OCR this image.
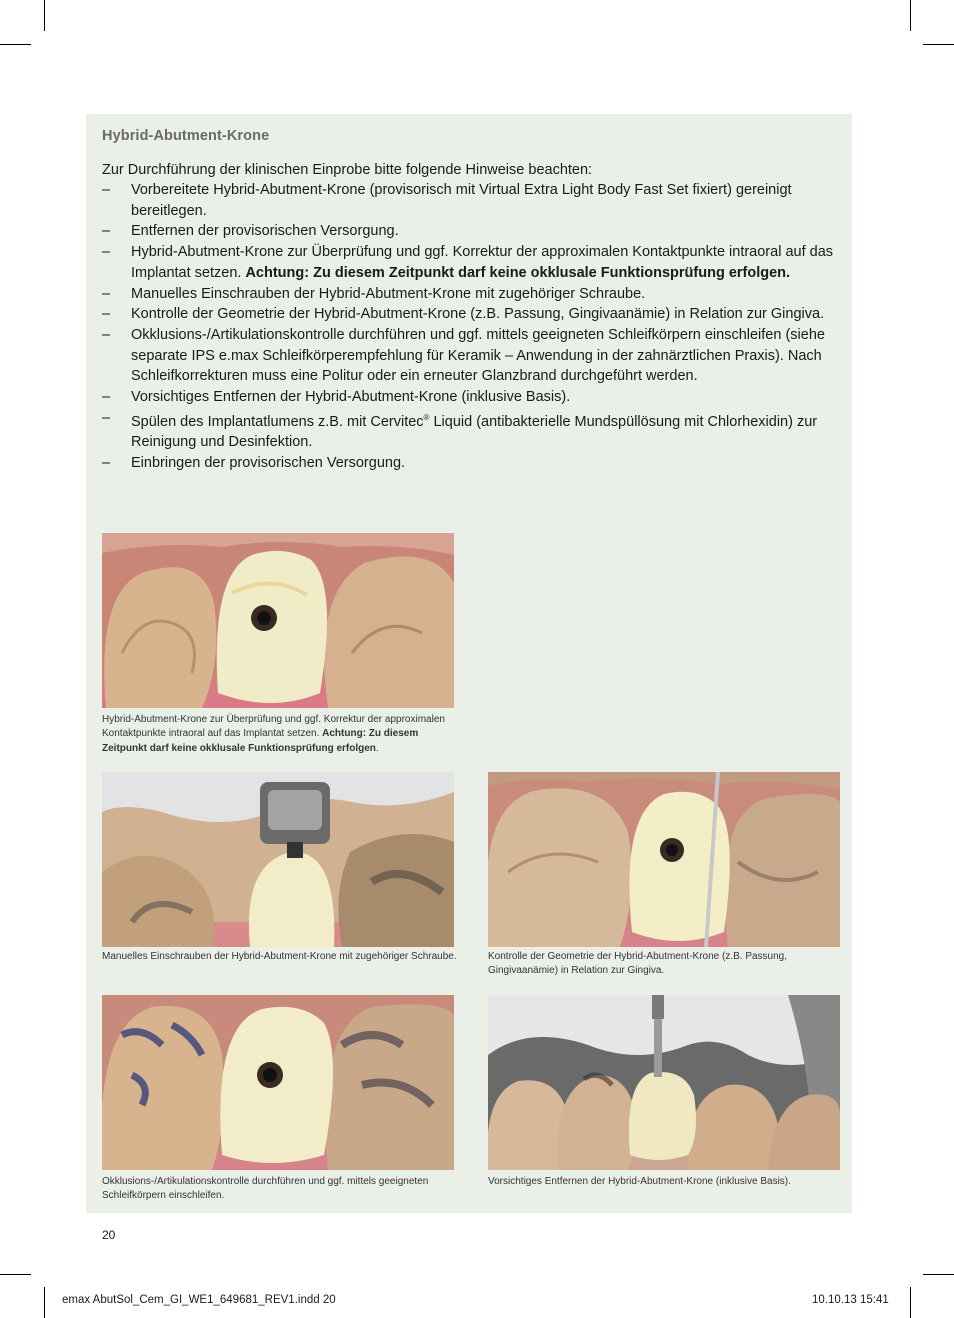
Hybrid-Abutment-Krone
Zur Durchführung der klinischen Einprobe bitte folgende Hinweise beachten:
– Vorbereitete Hybrid-Abutment-Krone (provisorisch mit Virtual Extra Light Body Fast Set fixiert) gereinigt bereitlegen.
– Entfernen der provisorischen Versorgung.
– Hybrid-Abutment-Krone zur Überprüfung und ggf. Korrektur der approximalen Kontaktpunkte intraoral auf das Implantat setzen. Achtung: Zu diesem Zeitpunkt darf keine okklusale Funktionsprüfung erfolgen.
– Manuelles Einschrauben der Hybrid-Abutment-Krone mit zugehöriger Schraube.
– Kontrolle der Geometrie der Hybrid-Abutment-Krone (z.B. Passung, Gingivaanämie) in Relation zur Gingiva.
– Okklusions-/Artikulationskontrolle durchführen und ggf. mittels geeigneten Schleifkörpern einschleifen (siehe separate IPS e.max Schleifkörperempfehlung für Keramik – Anwendung in der zahnärztlichen Praxis). Nach Schleifkorrekturen muss eine Politur oder ein erneuter Glanzbrand durchgeführt werden.
– Vorsichtiges Entfernen der Hybrid-Abutment-Krone (inklusive Basis).
– Spülen des Implantatlumens z.B. mit Cervitec® Liquid (antibakterielle Mundspüllösung mit Chlorhexidin) zur Reinigung und Desinfektion.
– Einbringen der provisorischen Versorgung.
Hybrid-Abutment-Krone zur Überprüfung und ggf. Korrektur der approximalen Kontaktpunkte intraoral auf das Implantat setzen. Achtung: Zu diesem Zeitpunkt darf keine okklusale Funktionsprüfung erfolgen.
Manuelles Einschrauben der Hybrid-Abutment-Krone mit zugehöriger Schraube.	Kontrolle der Geometrie der Hybrid-Abutment-Krone (z.B. Passung, Gingivaanämie) in Relation zur Gingiva.
Okklusions-/Artikulationskontrolle durchführen und ggf. mittels geeigneten Schleifkörpern einschleifen.
Vorsichtiges Entfernen der Hybrid-Abutment-Krone (inklusive Basis).
20
emax AbutSol_Cem_GI_WE1_649681_REV1.indd 20	10.10.13 15:41
